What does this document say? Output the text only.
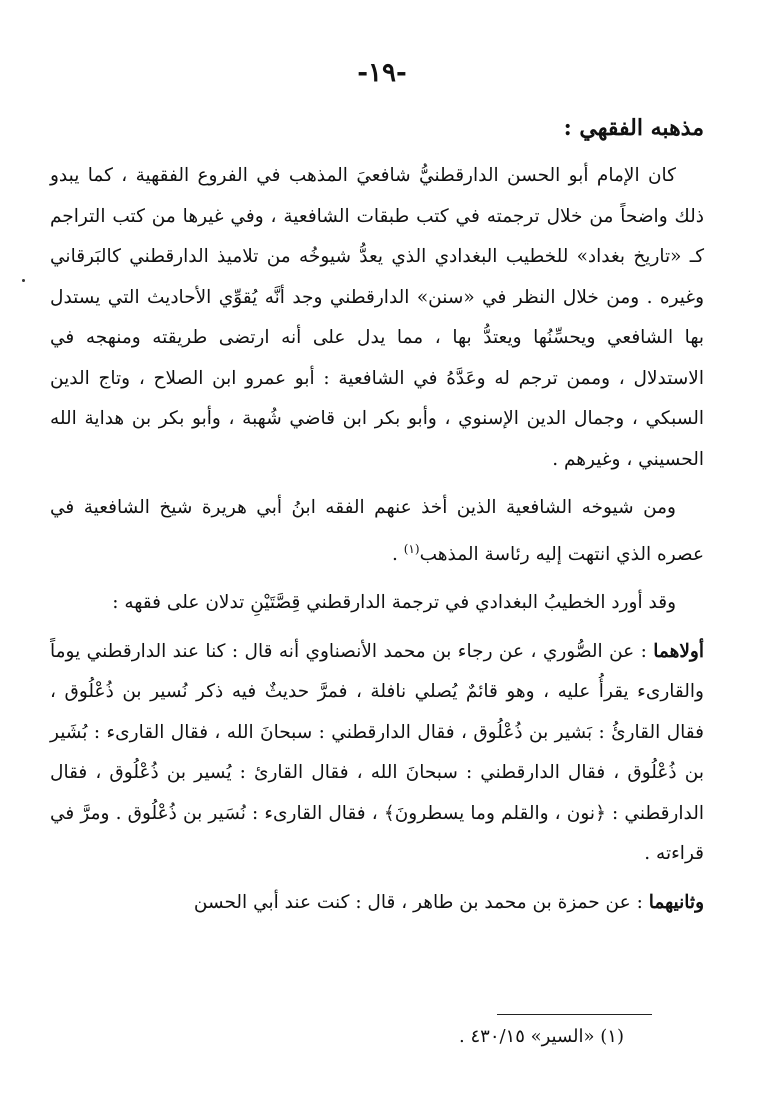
-١٩-
مذهبه الفقهي :

كان الإمام أبو الحسن الدارقطنيُّ شافعيَ المذهب في الفروع الفقهية ، كما يبدو ذلك واضحاً من خلال ترجمته في كتب طبقات الشافعية ، وفي غيرها من كتب التراجم كـ «تاريخ بغداد» للخطيب البغدادي الذي يعدُّ شيوخُه من تلاميذ الدارقطني كالبَرقاني وغيره . ومن خلال النظر في «سنن» الدارقطني وجد أنَّه يُقوِّي الأحاديث التي يستدل بها الشافعي ويحسِّنُها ويعتدُّ بها ، مما يدل على أنه ارتضى طريقته ومنهجه في الاستدلال ، وممن ترجم له وعَدَّهُ في الشافعية : أبو عمرو ابن الصلاح ، وتاج الدين السبكي ، وجمال الدين الإسنوي ، وأبو بكر ابن قاضي شُهبة ، وأبو بكر بن هداية الله الحسيني ، وغيرهم .

ومن شيوخه الشافعية الذين أخذ عنهم الفقه ابنُ أبي هريرة شيخ الشافعية في عصره الذي انتهت إليه رئاسة المذهب$^{(١)}$ .

وقد أورد الخطيبُ البغدادي في ترجمة الدارقطني قِصَّتَيْنِ تدلان على فقهه :

أولاهما : عن الصُّوري ، عن رجاء بن محمد الأنصناوي أنه قال : كنا عند الدارقطني يوماً والقارىء يقرأُ عليه ، وهو قائمٌ يُصلي نافلة ، فمرَّ حديثٌ فيه ذكر نُسير بن ذُعْلُوق ، فقال القارئُ : بَشير بن ذُعْلُوق ، فقال الدارقطني : سبحانَ الله ، فقال القارىء : بُشَير بن ذُعْلُوق ، فقال الدارقطني : سبحانَ الله ، فقال القارئ : يُسير بن ذُعْلُوق ، فقال الدارقطني : ﴿نون ، والقلم وما يسطرونَ﴾ ، فقال القارىء : نُسَير بن ذُعْلُوق . ومرَّ في قراءته .

وثانيهما : عن حمزة بن محمد بن طاهر ، قال : كنت عند أبي الحسن

(١) «السير» ٤٣٠/١٥ .
